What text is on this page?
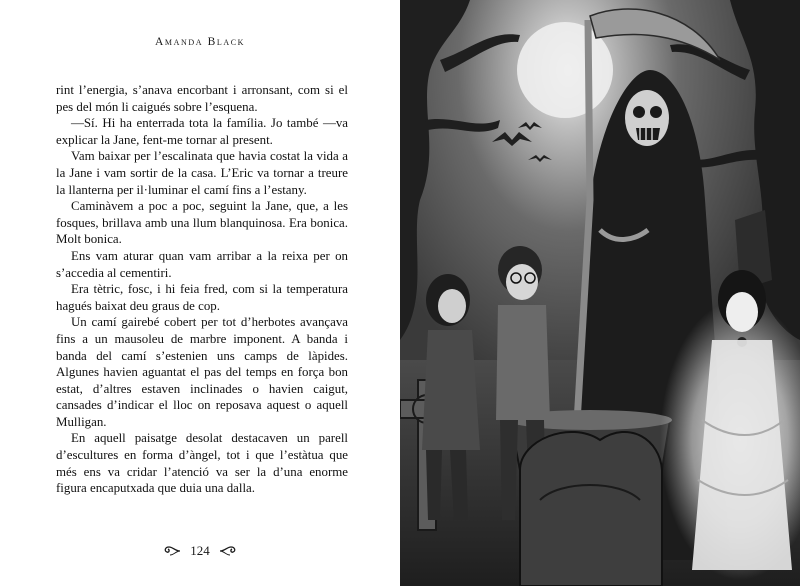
Amanda Black

rint l’energia, s’anava encorbant i arronsant, com si el pes del món li caigués sobre l’esquena.

—Sí. Hi ha enterrada tota la família. Jo també —va explicar la Jane, fent-me tornar al present.

Vam baixar per l’escalinata que havia costat la vida a la Jane i vam sortir de la casa. L’Eric va tornar a treure la llanterna per il·luminar el camí fins a l’estany.

Caminàvem a poc a poc, seguint la Jane, que, a les fosques, brillava amb una llum blanquinosa. Era bonica. Molt bonica.

Ens vam aturar quan vam arribar a la reixa per on s’accedia al cementiri.

Era tètric, fosc, i hi feia fred, com si la temperatura hagués baixat deu graus de cop.

Un camí gairebé cobert per tot d’herbotes avançava fins a un mausoleu de marbre imponent. A banda i banda del camí s’estenien uns camps de làpides. Algunes havien aguantat el pas del temps en força bon estat, d’altres estaven inclinades o havien caigut, cansades d’indicar el lloc on reposava aquest o aquell Mulligan.

En aquell paisatge desolat destacaven un parell d’escultures en forma d’àngel, tot i que l’estàtua que més ens va cridar l’atenció va ser la d’una enorme figura encaputxada que duia una dalla.

124
